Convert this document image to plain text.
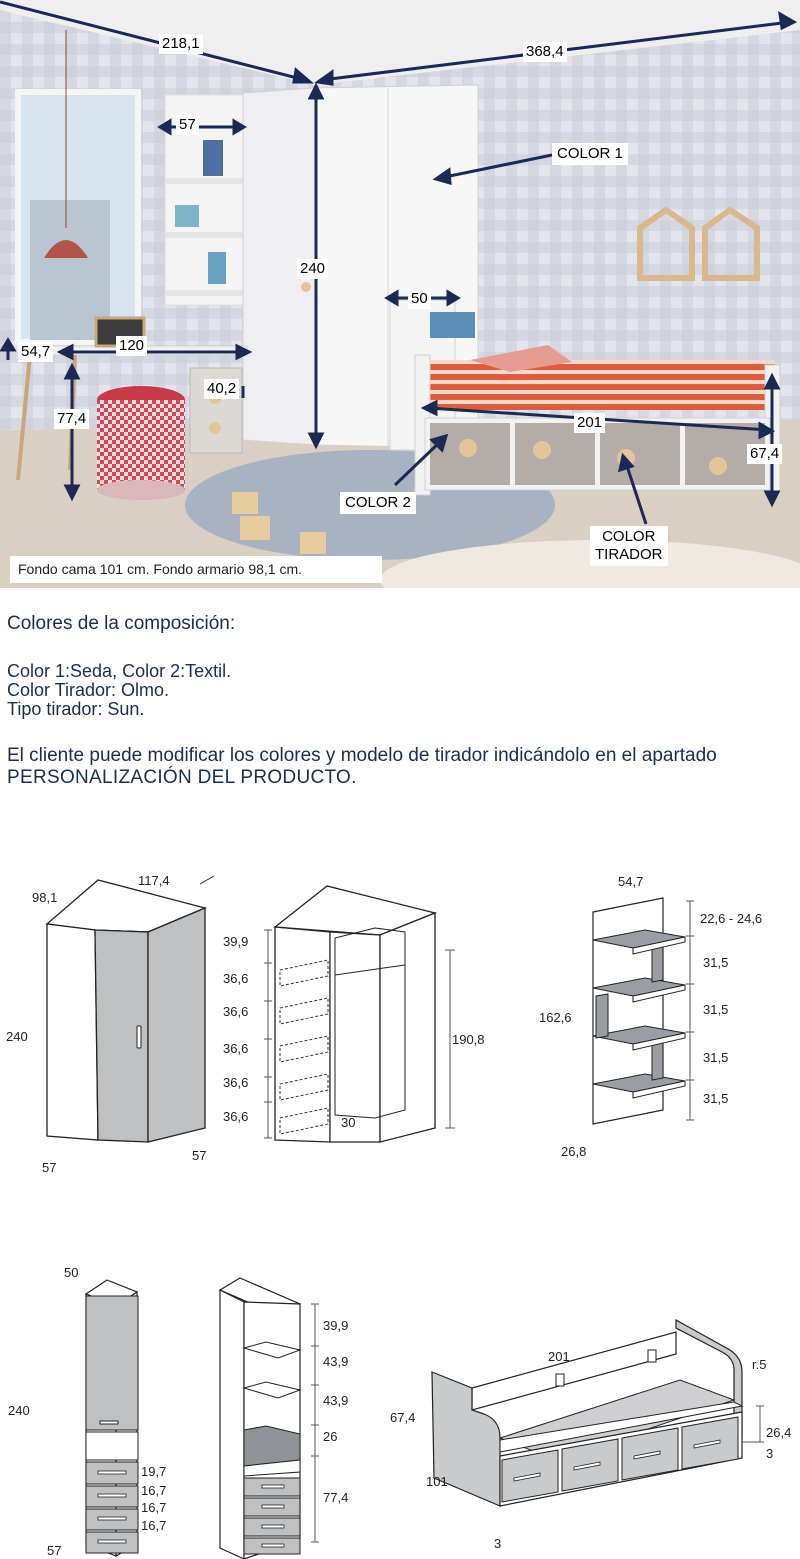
218,1	368,4
57
240
54,7	120
40,2
77,4
50
201
67,4
COLOR 1
COLOR 2
COLOR
TIRADOR
Fondo cama 101 cm. Fondo armario 98,1 cm.

Colores de la composición:

Color 1:Seda, Color 2:Textil.

Color Tirador: Olmo.

Tipo tirador: Sun.

El cliente puede modificar los colores y modelo de tirador indicándolo en el apartado  PERSONALIZACIÓN DEL PRODUCTO.

98,1
117,4
240
57
57
39,9
36,6
36,6
36,6
36,6
36,6
190,8
30
54,7
162,6
22,6 - 24,6
31,5
31,5
31,5
31,5
26,8
50
240
57
19,7
16,7
16,7
16,7
39,9
43,9
43,9
26
77,4
201
67,4
101
r.5
26,4
3
3
